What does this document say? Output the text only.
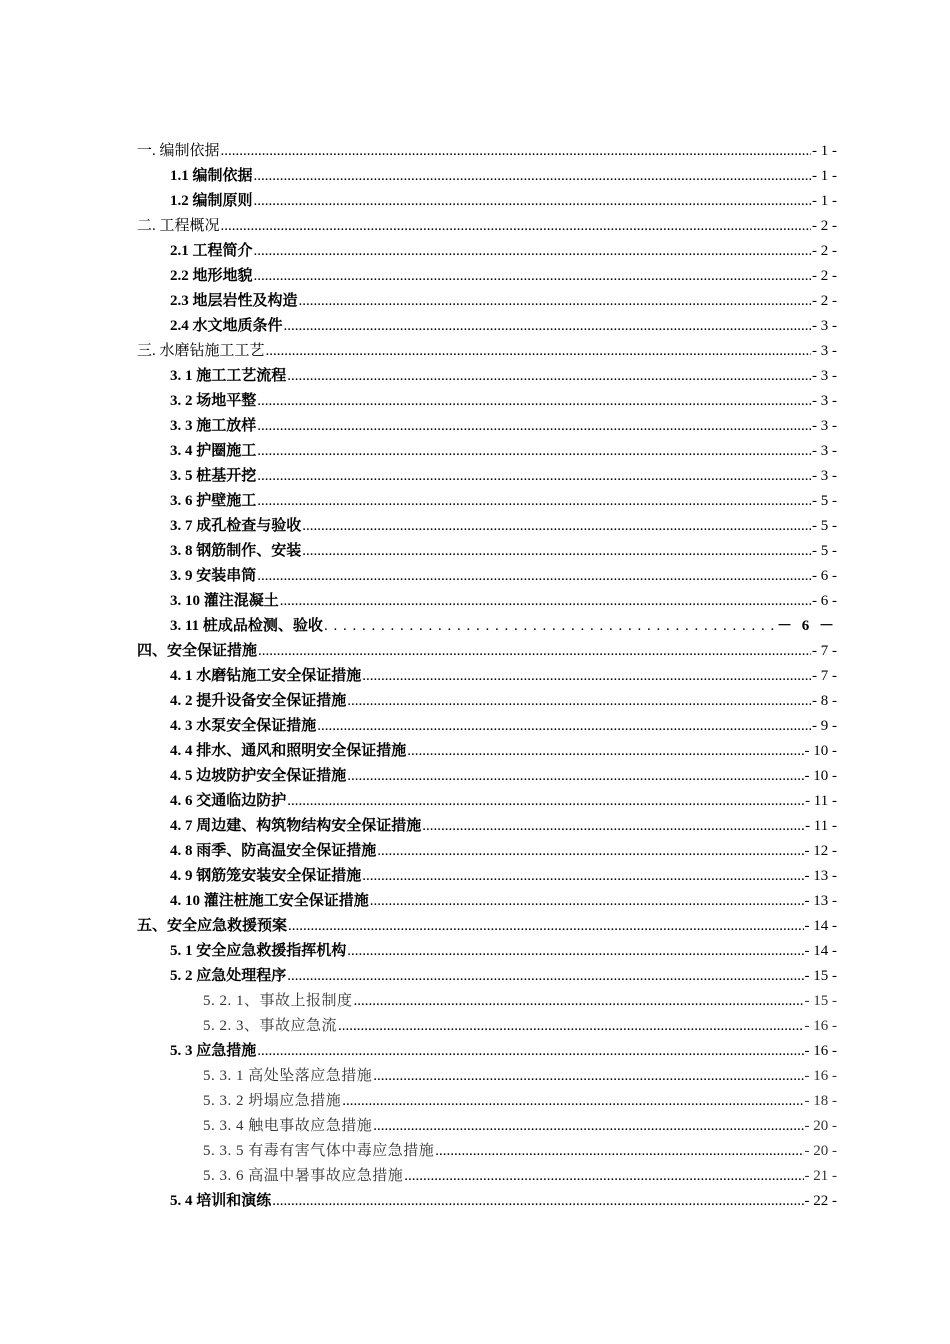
一. 编制依据 .....	- 1 -
1.1 编制依据 .....	- 1 -
1.2 编制原则 .....	- 1 -
二. 工程概况 .....	- 2 -
2.1 工程简介 .....	- 2 -
2.2 地形地貌 .....	- 2 -
2.3 地层岩性及构造 .....	- 2 -
2.4 水文地质条件 .....	- 3 -
三. 水磨钻施工工艺 .....	- 3 -
3. 1 施工工艺流程 .....	- 3 -
3. 2 场地平整 .....	- 3 -
3. 3 施工放样 .....	- 3 -
3. 4 护圈施工 .....	- 3 -
3. 5 桩基开挖 .....	- 3 -
3. 6 护壁施工 .....	- 5 -
3. 7 成孔检查与验收 .....	- 5 -
3. 8 钢筋制作、安装 .....	- 5 -
3. 9 安装串筒 .....	- 6 -
3. 10 灌注混凝土 .....	- 6 -
3. 11 桩成品检测、验收 . . .	－ 6 －
四、安全保证措施 .....	- 7 -
4. 1 水磨钻施工安全保证措施 .....	- 7 -
4. 2 提升设备安全保证措施 .....	- 8 -
4. 3 水泵安全保证措施 .....	- 9 -
4. 4 排水、通风和照明安全保证措施 .....	- 10 -
4. 5 边坡防护安全保证措施 .....	- 10 -
4. 6 交通临边防护 .....	- 11 -
4. 7 周边建、构筑物结构安全保证措施 .....	- 11 -
4. 8 雨季、防高温安全保证措施 .....	- 12 -
4. 9 钢筋笼安装安全保证措施 .....	- 13 -
4. 10 灌注桩施工安全保证措施 .....	- 13 -
五、安全应急救援预案 .....	- 14 -
5. 1 安全应急救援指挥机构 .....	- 14 -
5. 2 应急处理程序 .....	- 15 -
5. 2. 1、事故上报制度 .....	- 15 -
5. 2. 3、事故应急流 .....	- 16 -
5. 3 应急措施 .....	- 16 -
5. 3. 1 高处坠落应急措施 .....	- 16 -
5. 3. 2 坍塌应急措施 .....	- 18 -
5. 3. 4 触电事故应急措施 .....	- 20 -
5. 3. 5 有毒有害气体中毒应急措施 .....	- 20 -
5. 3. 6 高温中暑事故应急措施 .....	- 21 -
5. 4 培训和演练 .....	- 22 -
